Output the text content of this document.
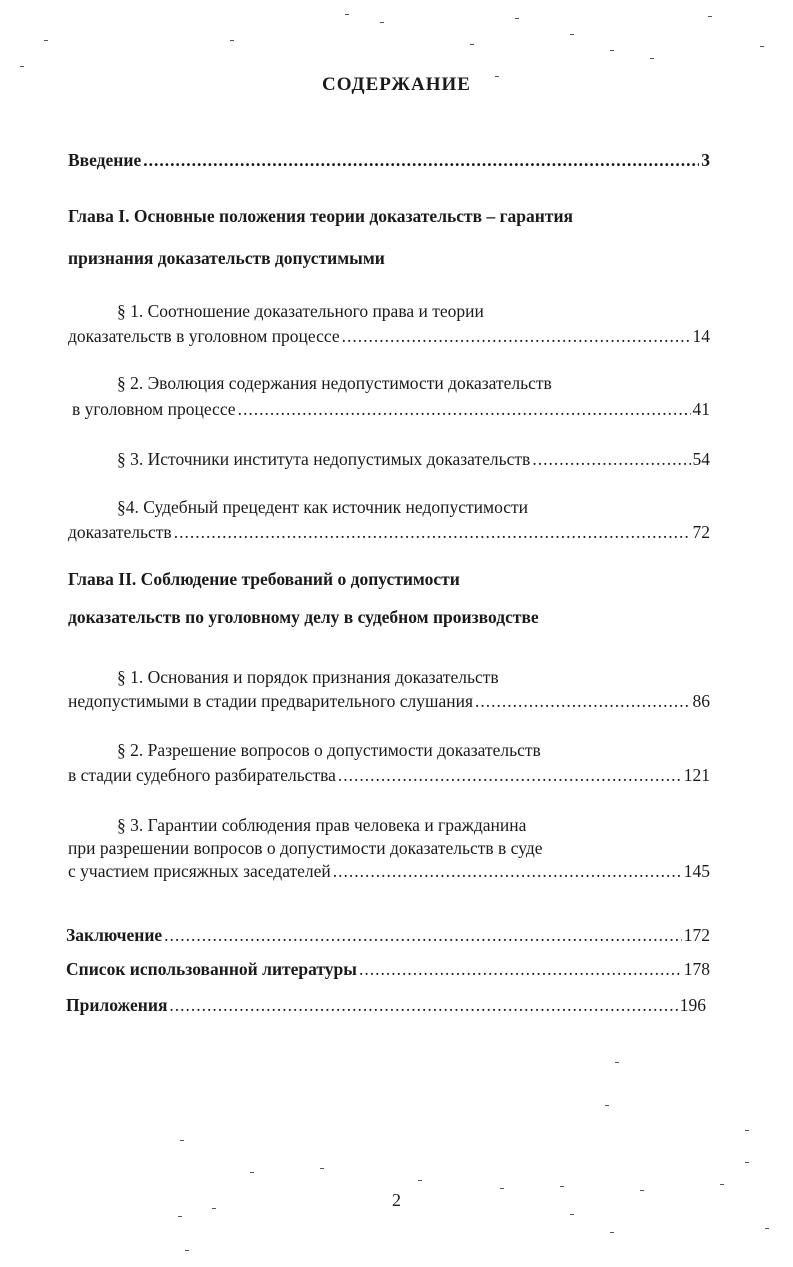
СОДЕРЖАНИЕ
Введение .....	3
Глава I. Основные положения теории доказательств – гарантия
признания доказательств допустимыми
§ 1. Соотношение доказательного права и теории
доказательств в уголовном процессе .....	14
§ 2. Эволюция содержания недопустимости доказательств
в уголовном процессе .....	41
§ 3. Источники института недопустимых доказательств .....	54
§4. Судебный прецедент как источник недопустимости
доказательств .....	72
Глава II. Соблюдение требований о допустимости
доказательств по уголовному делу в судебном производстве
§ 1. Основания и порядок признания доказательств
недопустимыми в стадии предварительного слушания .....	86
§ 2. Разрешение вопросов о допустимости доказательств
в стадии судебного разбирательства .....	121
§ 3. Гарантии соблюдения прав человека и гражданина
при разрешении вопросов о допустимости доказательств в суде
с участием присяжных заседателей .....	145
Заключение .....	172
Список использованной литературы .....	178
Приложения .....	196
2
